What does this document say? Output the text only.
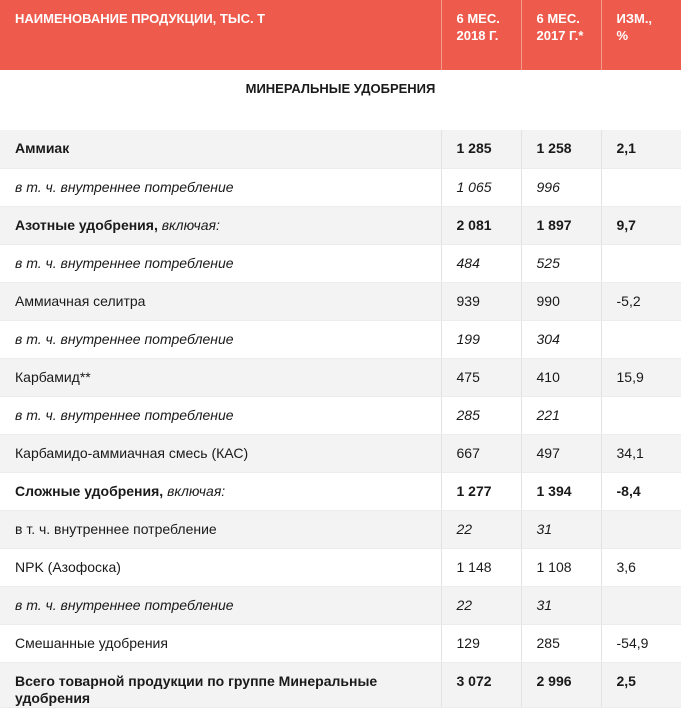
НАИМЕНОВАНИЕ ПРОДУКЦИИ, ТЫС. Т	6 МЕС. 2018 Г.	6 МЕС. 2017 Г.*	ИЗМ., %
МИНЕРАЛЬНЫЕ УДОБРЕНИЯ			
Аммиак	1 285	1 258	2,1
в т. ч. внутреннее потребление	1 065	996	
Азотные удобрения, включая:	2 081	1 897	9,7
в т. ч. внутреннее потребление	484	525	
Аммиачная селитра	939	990	-5,2
в т. ч. внутреннее потребление	199	304	
Карбамид**	475	410	15,9
в т. ч. внутреннее потребление	285	221	
Карбамидо-аммиачная смесь (КАС)	667	497	34,1
Сложные удобрения, включая:	1 277	1 394	-8,4
в т. ч. внутреннее потребление	22	31	
NPK (Азофоска)	1 148	1 108	3,6
в т. ч. внутреннее потребление	22	31	
Смешанные удобрения	129	285	-54,9
Всего товарной продукции по группе Минеральные удобрения	3 072	2 996	2,5
